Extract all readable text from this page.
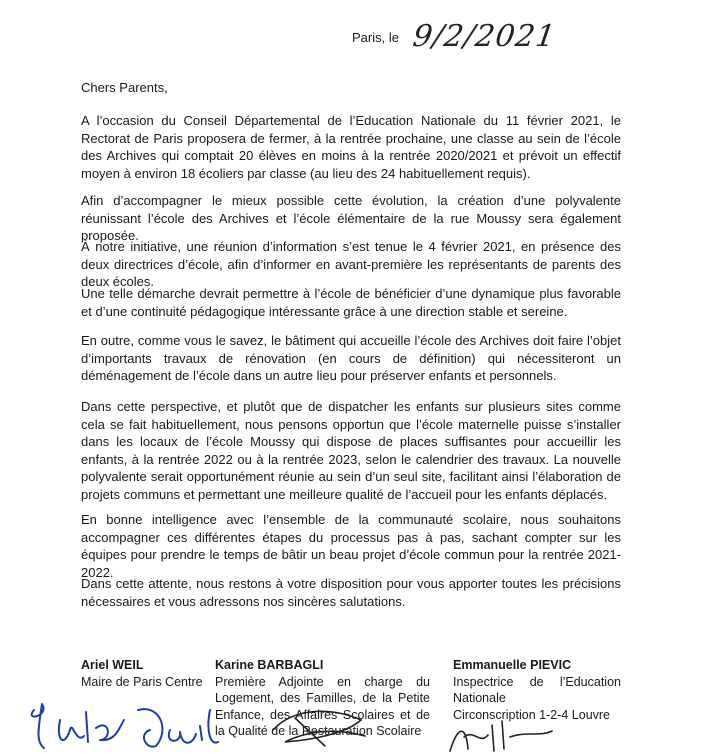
Paris, le 9/2/2021
Chers Parents,

A l’occasion du Conseil Départemental de l’Education Nationale du 11 février 2021, le Rectorat de Paris proposera de fermer, à la rentrée prochaine, une classe au sein de l’école des Archives qui comptait 20 élèves en moins à la rentrée 2020/2021 et prévoit un effectif moyen à environ 18 écoliers par classe (au lieu des 24 habituellement requis).

Afin d’accompagner le mieux possible cette évolution, la création d’une polyvalente réunissant l’école des Archives et l’école élémentaire de la rue Moussy sera également proposée.

À notre initiative, une réunion d’information s’est tenue le 4 février 2021, en présence des deux directrices d’école, afin d’informer en avant-première les représentants de parents des deux écoles.

Une telle démarche devrait permettre à l’école de bénéficier d’une dynamique plus favorable et d’une continuité pédagogique intéressante grâce à une direction stable et sereine.

En outre, comme vous le savez, le bâtiment qui accueille l’école des Archives doit faire l’objet d’importants travaux de rénovation (en cours de définition) qui nécessiteront un déménagement de l’école dans un autre lieu pour préserver enfants et personnels.

Dans cette perspective, et plutôt que de dispatcher les enfants sur plusieurs sites comme cela se fait habituellement, nous pensons opportun que l’école maternelle puisse s’installer dans les locaux de l’école Moussy qui dispose de places suffisantes pour accueillir les enfants, à la rentrée 2022 ou à la rentrée 2023, selon le calendrier des travaux. La nouvelle polyvalente serait opportunément réunie au sein d’un seul site, facilitant ainsi l’élaboration de projets communs et permettant une meilleure qualité de l’accueil pour les enfants déplacés.

En bonne intelligence avec l’ensemble de la communauté scolaire, nous souhaitons accompagner ces différentes étapes du processus pas à pas, sachant compter sur les équipes pour prendre le temps de bâtir un beau projet d’école commun pour la rentrée 2021-2022.

Dans cette attente, nous restons à votre disposition pour vous apporter toutes les précisions nécessaires et vous adressons nos sincères salutations.

Ariel WEIL
Maire de Paris Centre
Karine BARBAGLI

Première Adjointe en charge du Logement, des Familles, de la Petite Enfance, des Affaires Scolaires et de la Qualité de la Restauration Scolaire

Emmanuelle PIEVIC

Inspectrice de l’Education Nationale

Circonscription 1-2-4 Louvre
